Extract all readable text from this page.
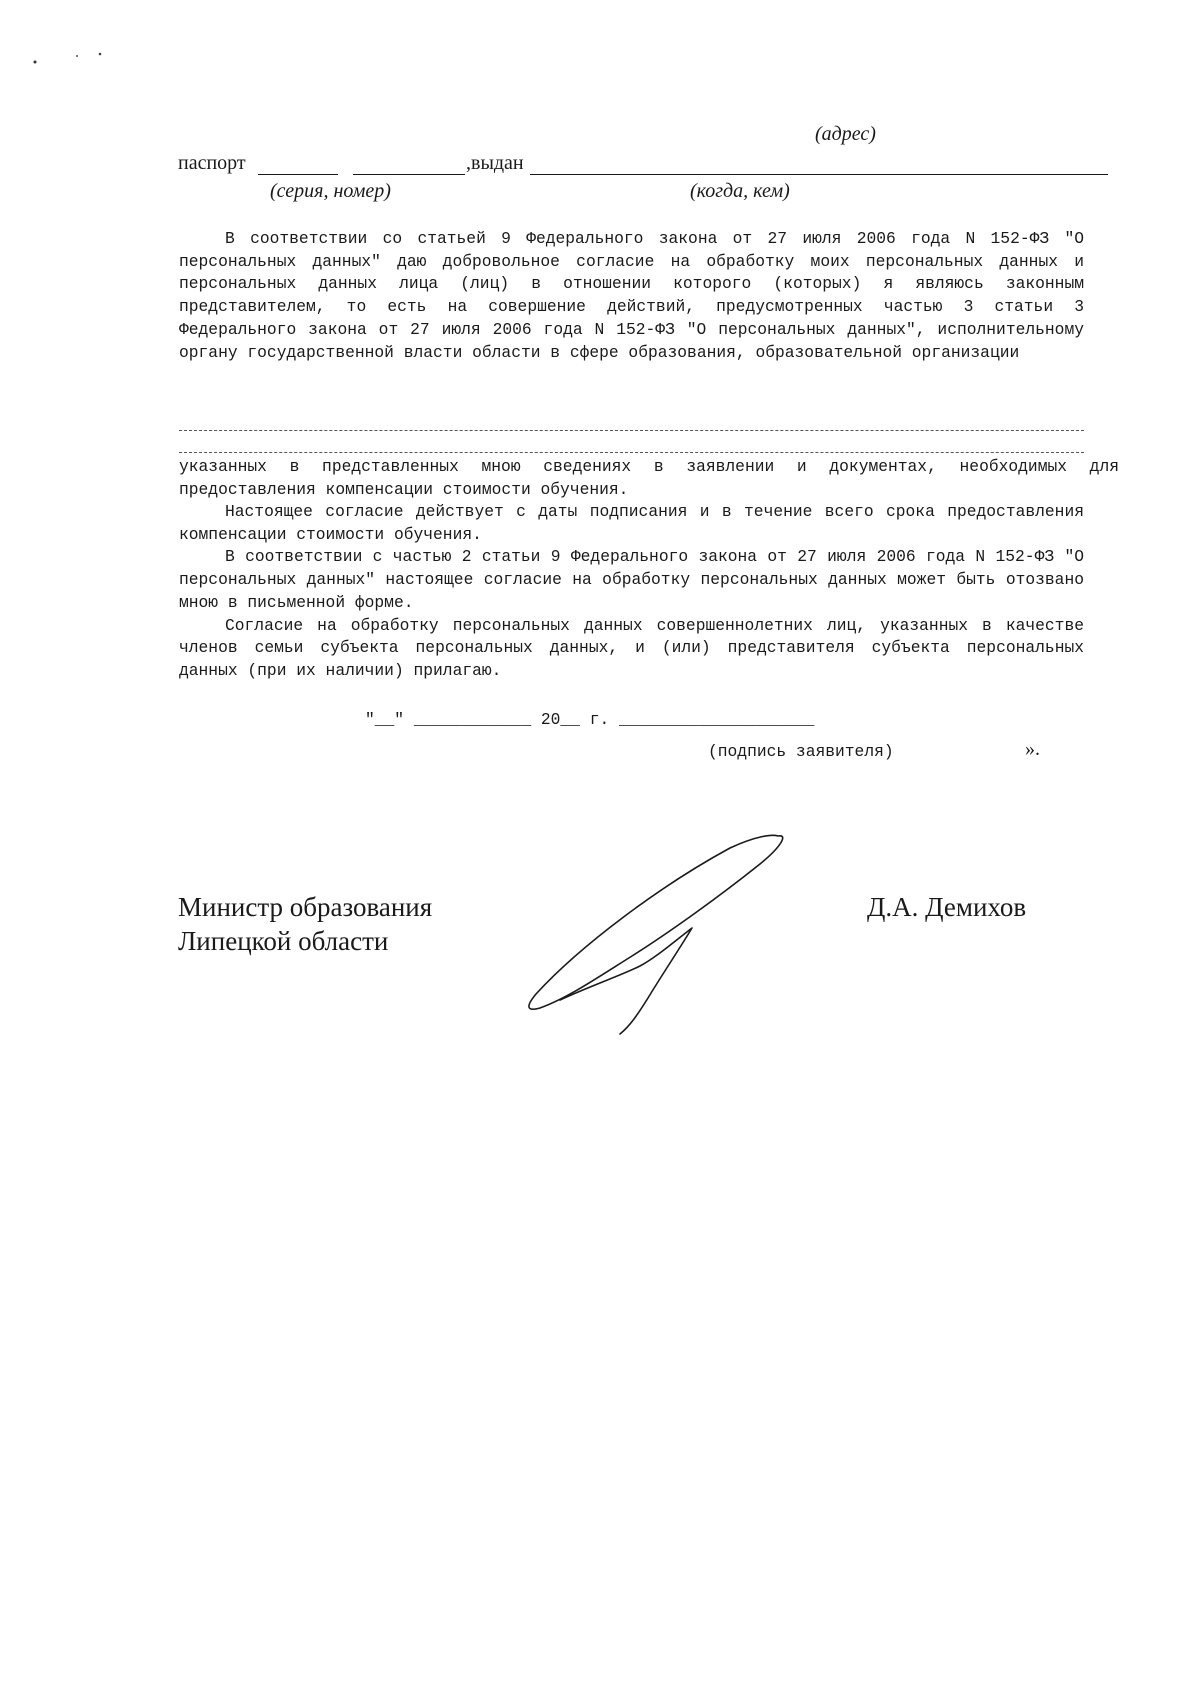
(адрес)
паспорт	,выдан
(серия, номер)	(когда, кем)

В соответствии со статьей 9 Федерального закона от 27 июля 2006 года N 152-ФЗ "О персональных данных" даю добровольное согласие на обработку моих персональных данных и персональных данных лица (лиц) в отношении которого (которых) я являюсь законным представителем, то есть на совершение действий, предусмотренных частью 3 статьи 3 Федерального закона от 27 июля 2006 года N 152-ФЗ "О персональных данных", исполнительному органу государственной власти области в сфере образования, образовательной организации

указанных в представленных мною сведениях в заявлении и документах, необходимых для предоставления компенсации стоимости обучения.

Настоящее согласие действует с даты подписания и в течение всего срока предоставления компенсации стоимости обучения.

В соответствии с частью 2 статьи 9 Федерального закона от 27 июля 2006 года N 152-ФЗ "О персональных данных" настоящее согласие на обработку персональных данных может быть отозвано мною в письменной форме.

Согласие на обработку персональных данных совершеннолетних лиц, указанных в качестве членов семьи субъекта персональных данных, и (или) представителя субъекта персональных данных (при их наличии) прилагаю.

"__" ____________ 20__ г. ____________________
(подпись заявителя)	».
Министр образования
Липецкой области
Д.А. Демихов
